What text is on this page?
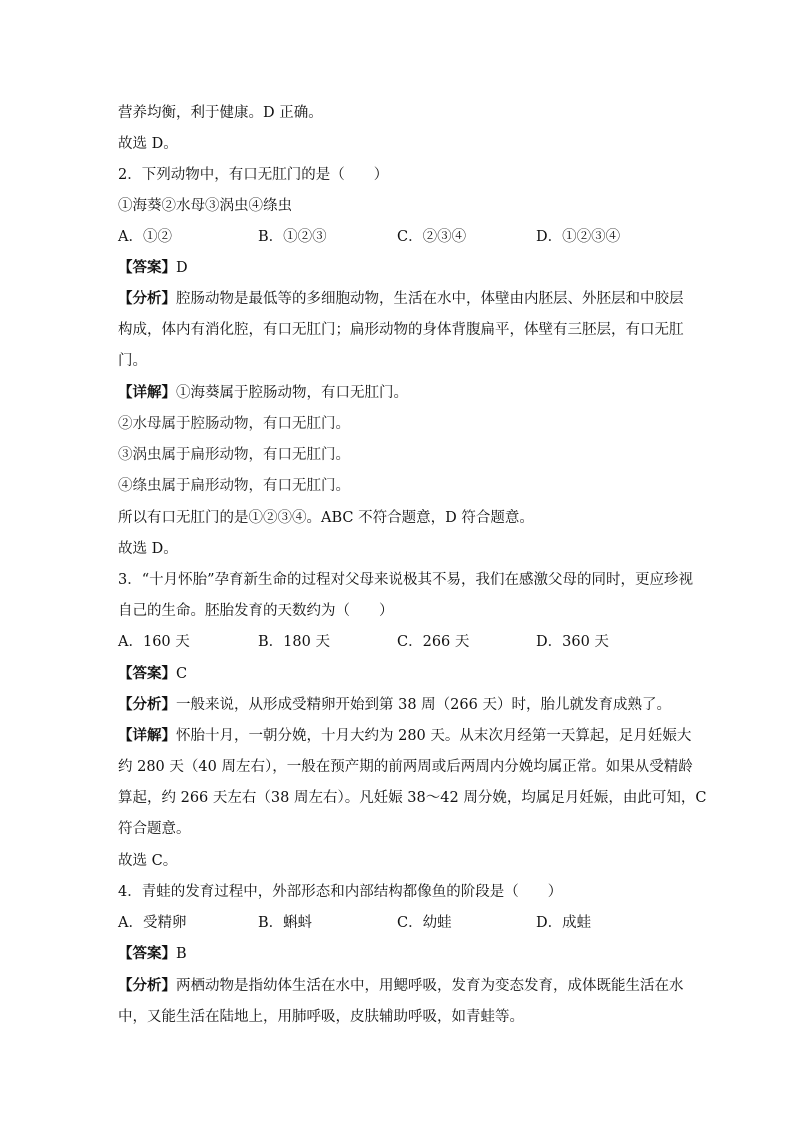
营养均衡，利于健康。D 正确。
故选 D。
2．下列动物中，有口无肛门的是（　　）
①海葵②水母③涡虫④绦虫
A．①②	B．①②③	C．②③④	D．①②③④
【答案】D
【分析】腔肠动物是最低等的多细胞动物，生活在水中，体壁由内胚层、外胚层和中胶层
构成，体内有消化腔，有口无肛门；扁形动物的身体背腹扁平，体壁有三胚层，有口无肛
门。
【详解】①海葵属于腔肠动物，有口无肛门。
②水母属于腔肠动物，有口无肛门。
③涡虫属于扁形动物，有口无肛门。
④绦虫属于扁形动物，有口无肛门。
所以有口无肛门的是①②③④。ABC 不符合题意，D 符合题意。
故选 D。
3．“十月怀胎”孕育新生命的过程对父母来说极其不易，我们在感激父母的同时，更应珍视
自己的生命。胚胎发育的天数约为（　　）
A．160 天	B．180 天	C．266 天	D．360 天
【答案】C
【分析】一般来说，从形成受精卵开始到第 38 周（266 天）时，胎儿就发育成熟了。
【详解】怀胎十月，一朝分娩，十月大约为 280 天。从末次月经第一天算起，足月妊娠大
约 280 天（40 周左右），一般在预产期的前两周或后两周内分娩均属正常。如果从受精龄
算起，约 266 天左右（38 周左右）。凡妊娠 38～42 周分娩，均属足月妊娠，由此可知，C
符合题意。
故选 C。
4．青蛙的发育过程中，外部形态和内部结构都像鱼的阶段是（　　）
A．受精卵	B．蝌蚪	C．幼蛙	D．成蛙
【答案】B
【分析】两栖动物是指幼体生活在水中，用鳃呼吸，发育为变态发育，成体既能生活在水
中，又能生活在陆地上，用肺呼吸，皮肤辅助呼吸，如青蛙等。
